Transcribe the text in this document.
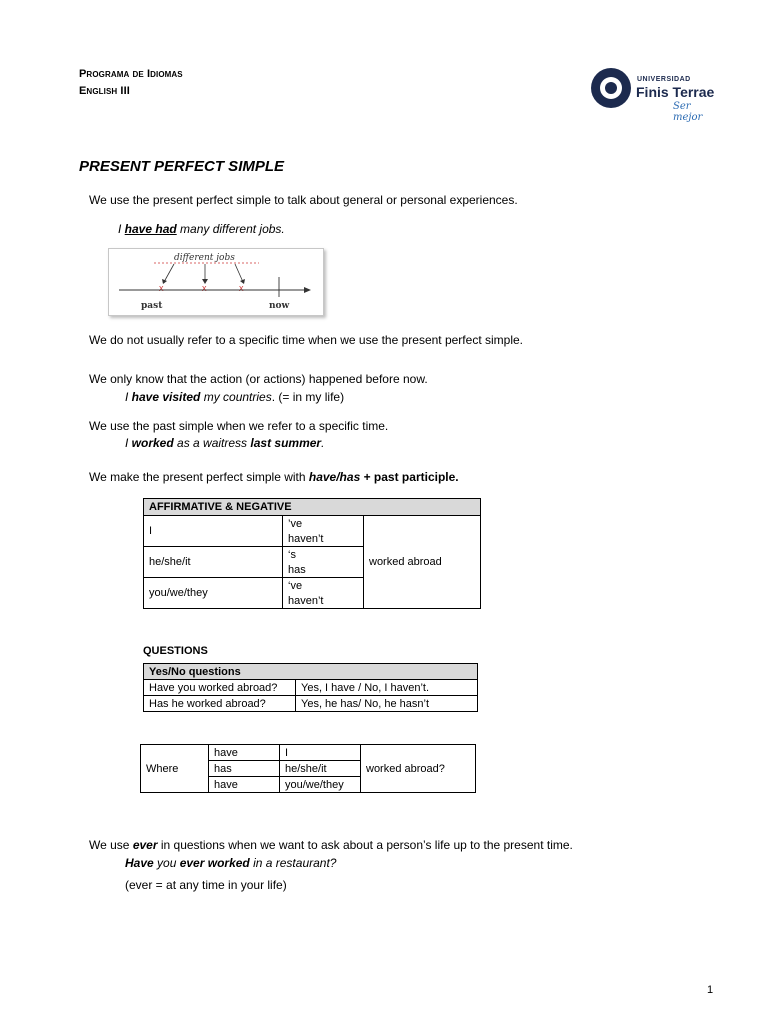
Programa de Idiomas
English III
UNIVERSIDAD
Finis Terrae
Ser mejor
PRESENT PERFECT SIMPLE
We use the present perfect simple to talk about general or personal experiences.
I have had many different jobs.
different jobs
x	x	x
past	now
We do not usually refer to a specific time when we use the present perfect simple.
We only know that the action (or actions) happened before now.
I have visited my countries. (= in my life)
We use the past simple when we refer to a specific time.
I worked as a waitress last summer.
We make the present perfect simple with have/has + past participle.
AFFIRMATIVE & NEGATIVE		
I	’ve	worked abroad
	haven’t	
he/she/it	‘s	
	has	
you/we/they	‘ve	
	haven’t	
QUESTIONS
Yes/No questions	
Have you worked abroad?	Yes, I have / No, I haven’t.
Has he worked abroad?	Yes, he has/ No, he hasn’t
Where	have	I	worked abroad?
	has	he/she/it	
	have	you/we/they	
We use ever in questions when we want to ask about a person’s life up to the present time.
Have you ever worked in a restaurant?
(ever = at any time in your life)
1
